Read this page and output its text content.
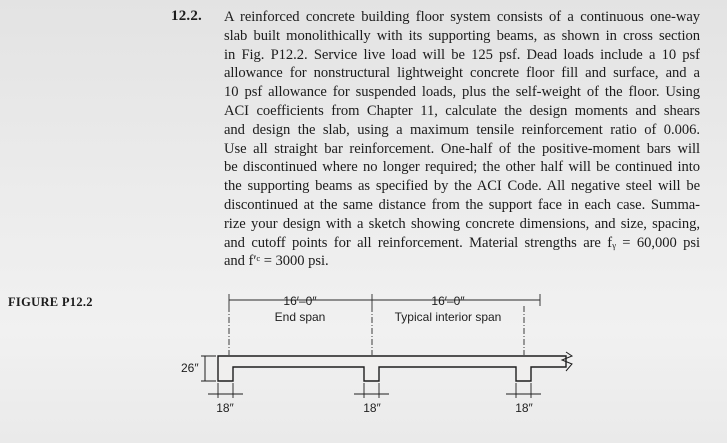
12.2. A reinforced concrete building floor system consists of a continuous one-way
slab built monolithically with its supporting beams, as shown in cross section
in Fig. P12.2. Service live load will be 125 psf. Dead loads include a 10 psf
allowance for nonstructural lightweight concrete floor fill and surface, and a
10 psf allowance for suspended loads, plus the self-weight of the floor. Using
ACI coefficients from Chapter 11, calculate the design moments and shears
and design the slab, using a maximum tensile reinforcement ratio of 0.006.
Use all straight bar reinforcement. One-half of the positive-moment bars will
be discontinued where no longer required; the other half will be continued into
the supporting beams as specified by the ACI Code. All negative steel will be
discontinued at the same distance from the support face in each case. Summa-
rize your design with a sketch showing concrete dimensions, and size, spacing,
and cutoff points for all reinforcement. Material strengths are fᵧ = 60,000 psi
and f′ᶜ = 3000 psi.
FIGURE P12.2	16′–0″
End span
16′–0″
Typical interior span
26″
18″	18″	18″
